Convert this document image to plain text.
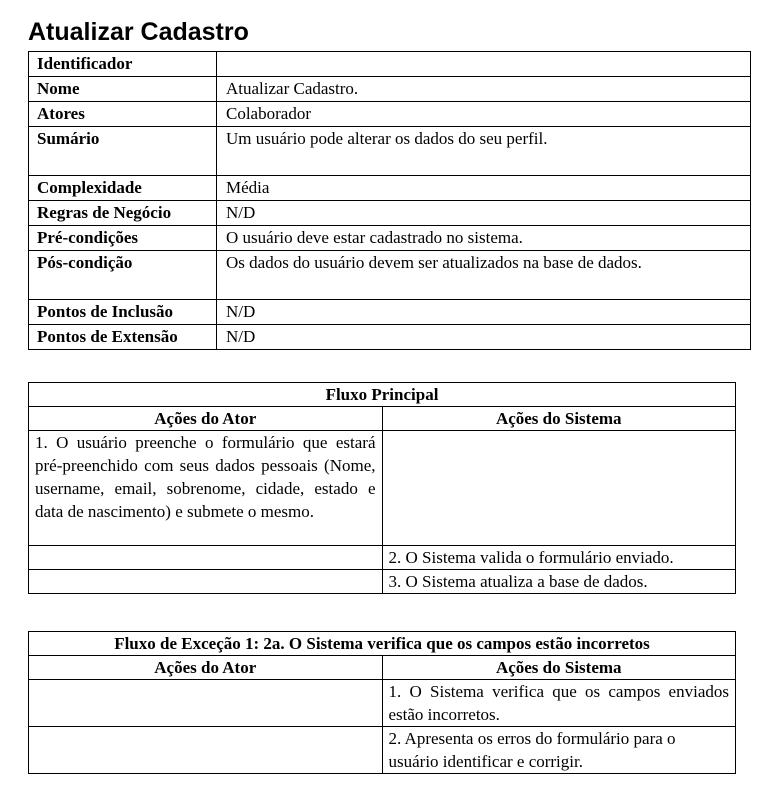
Atualizar Cadastro
Identificador	
Nome	Atualizar Cadastro.
Atores	Colaborador
Sumário	Um usuário pode alterar os dados do seu perfil.
Complexidade	Média
Regras de Negócio	N/D
Pré-condições	O usuário deve estar cadastrado no sistema.
Pós-condição	Os dados do usuário devem ser atualizados na base de dados.
Pontos de Inclusão	N/D
Pontos de Extensão	N/D
Fluxo Principal	
Ações do Ator	Ações do Sistema
1. O usuário preenche o formulário que estará pré-preenchido com seus dados pessoais (Nome, username, email, sobrenome, cidade, estado e data de nascimento) e submete o mesmo.	
	2. O Sistema valida o formulário enviado.
	3. O Sistema atualiza a base de dados.
Fluxo de Exceção 1: 2a. O Sistema verifica que os campos estão incorretos	
Ações do Ator	Ações do Sistema
	1. O Sistema verifica que os campos enviados estão incorretos.
	2. Apresenta os erros do formulário para o usuário identificar e corrigir.
